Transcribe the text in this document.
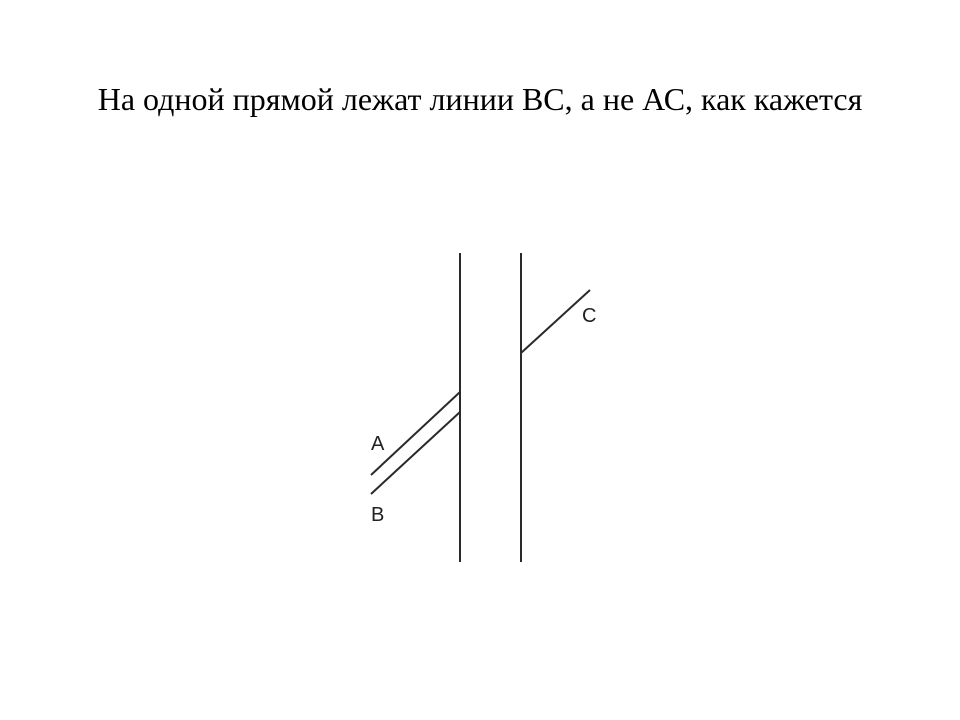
На одной прямой лежат линии ВС, а не АС, как кажется
A
B
C
